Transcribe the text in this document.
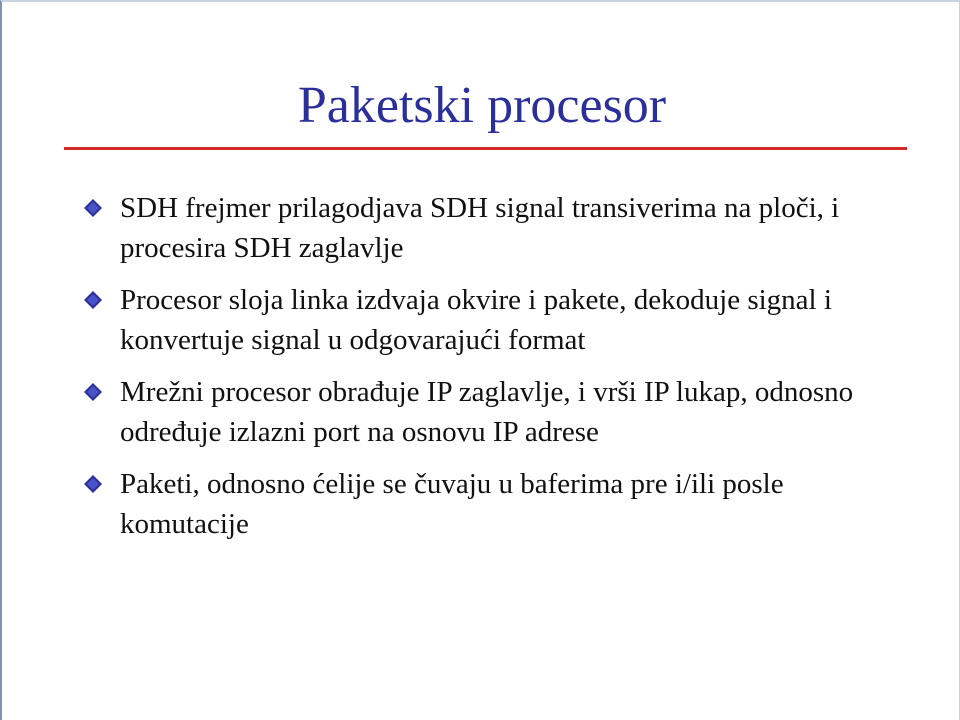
Paketski procesor
SDH frejmer prilagodjava SDH signal transiverima na ploči, i procesira SDH zaglavlje
Procesor sloja linka izdvaja okvire i pakete, dekoduje signal i konvertuje signal u odgovarajući format
Mrežni procesor obrađuje IP zaglavlje, i vrši IP lukap, odnosno određuje izlazni port na osnovu IP adrese
Paketi, odnosno ćelije se čuvaju u baferima pre i/ili posle komutacije
